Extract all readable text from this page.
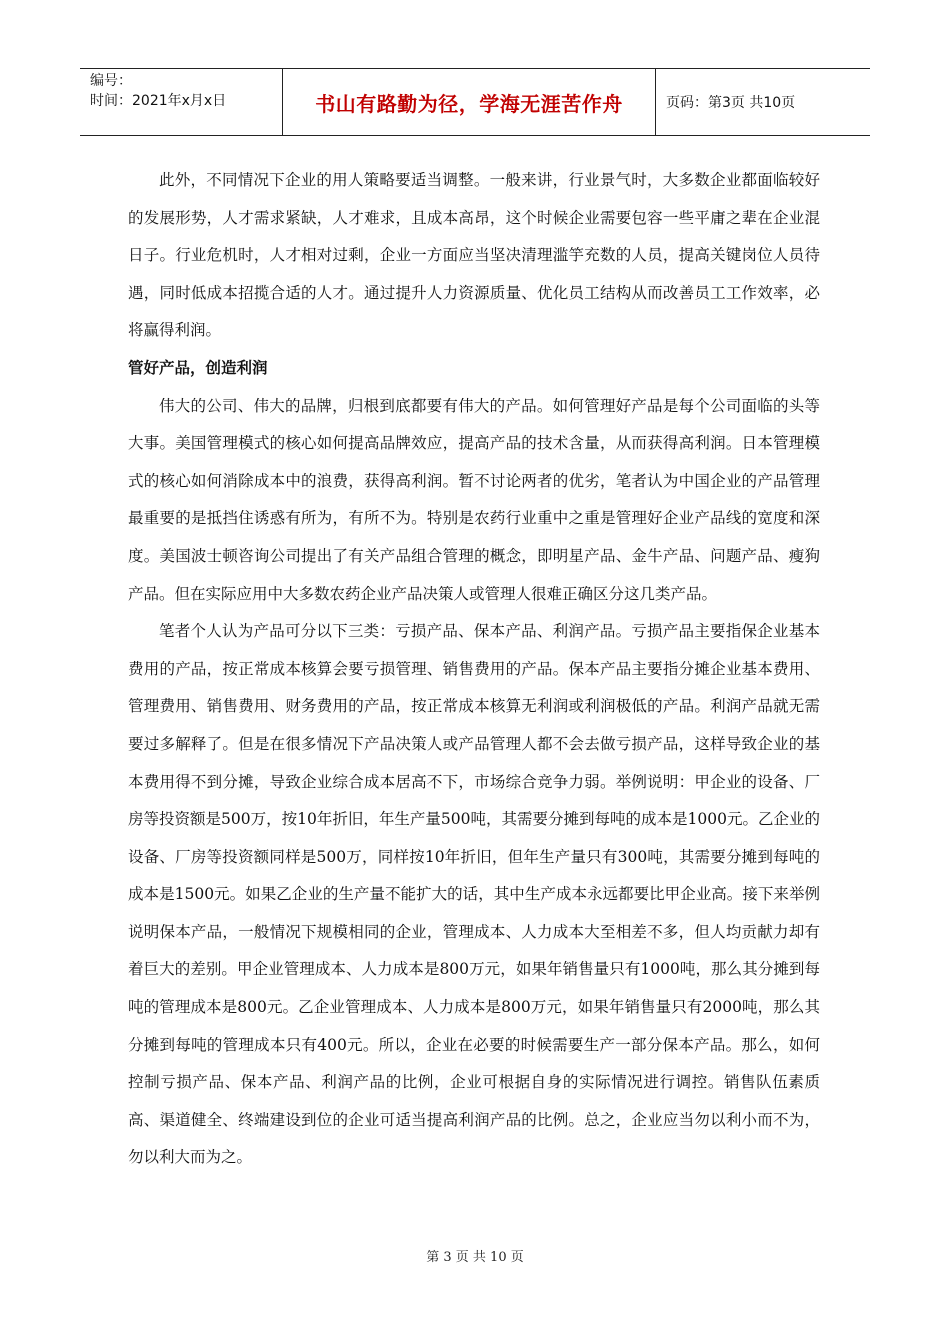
编号：
时间：2021年x月x日	书山有路勤为径，学海无涯苦作舟	页码：第3页 共10页

此外，不同情况下企业的用人策略要适当调整。一般来讲，行业景气时，大多数企业都面临较好的发展形势，人才需求紧缺，人才难求，且成本高昂，这个时候企业需要包容一些平庸之辈在企业混日子。行业危机时，人才相对过剩，企业一方面应当坚决清理滥竽充数的人员，提高关键岗位人员待遇，同时低成本招揽合适的人才。通过提升人力资源质量、优化员工结构从而改善员工工作效率，必将赢得利润。

管好产品，创造利润

伟大的公司、伟大的品牌，归根到底都要有伟大的产品。如何管理好产品是每个公司面临的头等大事。美国管理模式的核心如何提高品牌效应，提高产品的技术含量，从而获得高利润。日本管理模式的核心如何消除成本中的浪费，获得高利润。暂不讨论两者的优劣，笔者认为中国企业的产品管理最重要的是抵挡住诱惑有所为，有所不为。特别是农药行业重中之重是管理好企业产品线的宽度和深度。美国波士顿咨询公司提出了有关产品组合管理的概念，即明星产品、金牛产品、问题产品、瘦狗产品。但在实际应用中大多数农药企业产品决策人或管理人很难正确区分这几类产品。

笔者个人认为产品可分以下三类：亏损产品、保本产品、利润产品。亏损产品主要指保企业基本费用的产品，按正常成本核算会要亏损管理、销售费用的产品。保本产品主要指分摊企业基本费用、管理费用、销售费用、财务费用的产品，按正常成本核算无利润或利润极低的产品。利润产品就无需要过多解释了。但是在很多情况下产品决策人或产品管理人都不会去做亏损产品，这样导致企业的基本费用得不到分摊，导致企业综合成本居高不下，市场综合竞争力弱。举例说明：甲企业的设备、厂房等投资额是500万，按10年折旧，年生产量500吨，其需要分摊到每吨的成本是1000元。乙企业的设备、厂房等投资额同样是500万，同样按10年折旧，但年生产量只有300吨，其需要分摊到每吨的成本是1500元。如果乙企业的生产量不能扩大的话，其中生产成本永远都要比甲企业高。接下来举例说明保本产品，一般情况下规模相同的企业，管理成本、人力成本大至相差不多，但人均贡献力却有着巨大的差别。甲企业管理成本、人力成本是800万元，如果年销售量只有1000吨，那么其分摊到每吨的管理成本是800元。乙企业管理成本、人力成本是800万元，如果年销售量只有2000吨，那么其分摊到每吨的管理成本只有400元。所以，企业在必要的时候需要生产一部分保本产品。那么，如何控制亏损产品、保本产品、利润产品的比例，企业可根据自身的实际情况进行调控。销售队伍素质高、渠道健全、终端建设到位的企业可适当提高利润产品的比例。总之，企业应当勿以利小而不为，勿以利大而为之。

第 3 页 共 10 页
